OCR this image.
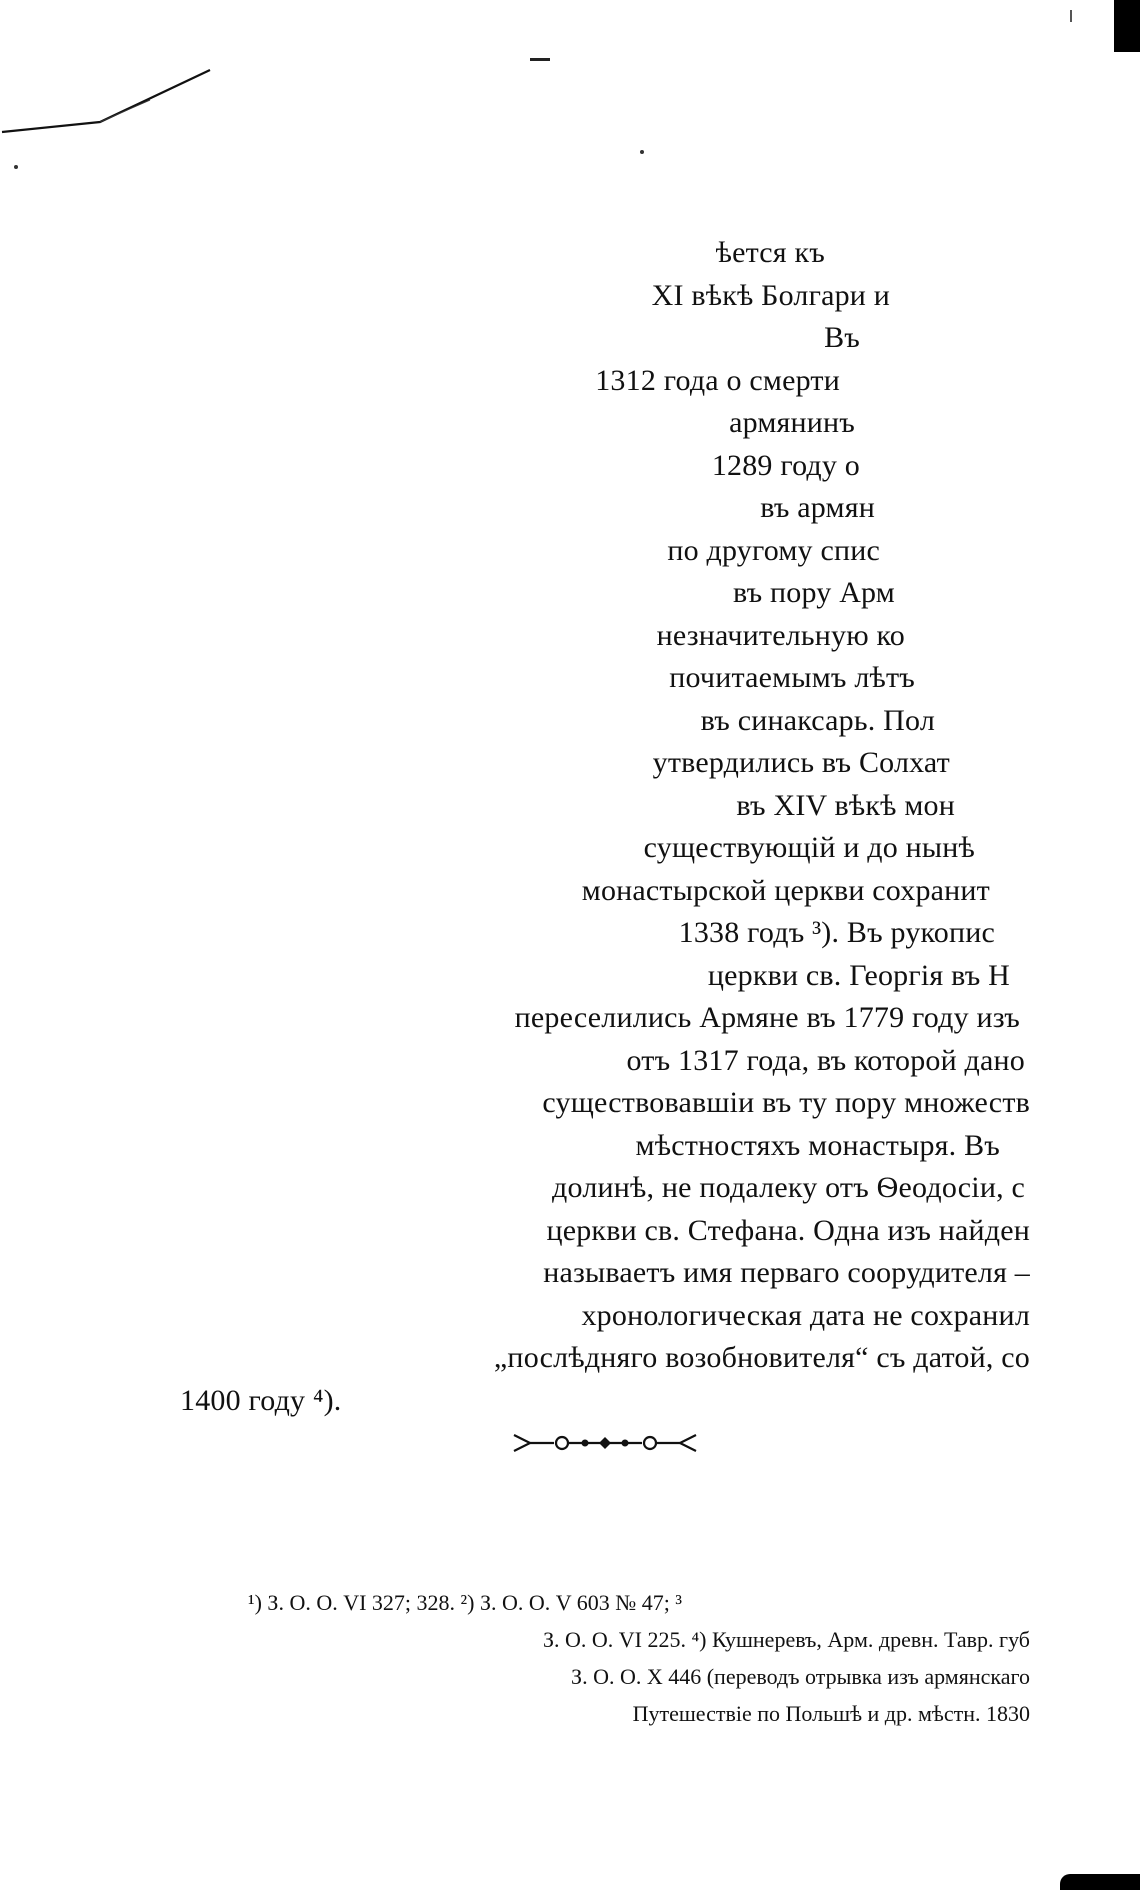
ѣется къ
XI вѣкѣ Болгари и
Въ
1312 года о смерти
армянинъ
1289 году о
въ армян
по другому спис
въ пору Арм
незначительную ко
почитаемымъ лѣтъ
въ синаксарь. Пол
утвердились въ Солхат
въ XIV вѣкѣ мон
существующій и до нынѣ
монастырской церкви сохранит
1338 годъ ³). Въ рукопис
церкви св. Георгія въ Н
переселились Армяне въ 1779 году изъ
отъ 1317 года, въ которой дано
существовавшіи въ ту пору множеств
мѣстностяхъ монастыря. Въ
долинѣ, не подалеку отъ Ѳеодосіи, с
церкви св. Стефана. Одна изъ найден
называетъ имя перваго соорудителя –
хронологическая дата не сохранил
„послѣдняго возобновителя“ съ датой, со
1400 году ⁴).
¹) З. О. О. VI 327; 328. ²) З. О. О. V 603 № 47; ³
З. О. О. VI 225. ⁴) Кушнеревъ, Арм. древн. Тавр. губ
З. О. О. X 446 (переводъ отрывка изъ армянскаго
Путешествіе по Польшѣ и др. мѣстн. 1830
